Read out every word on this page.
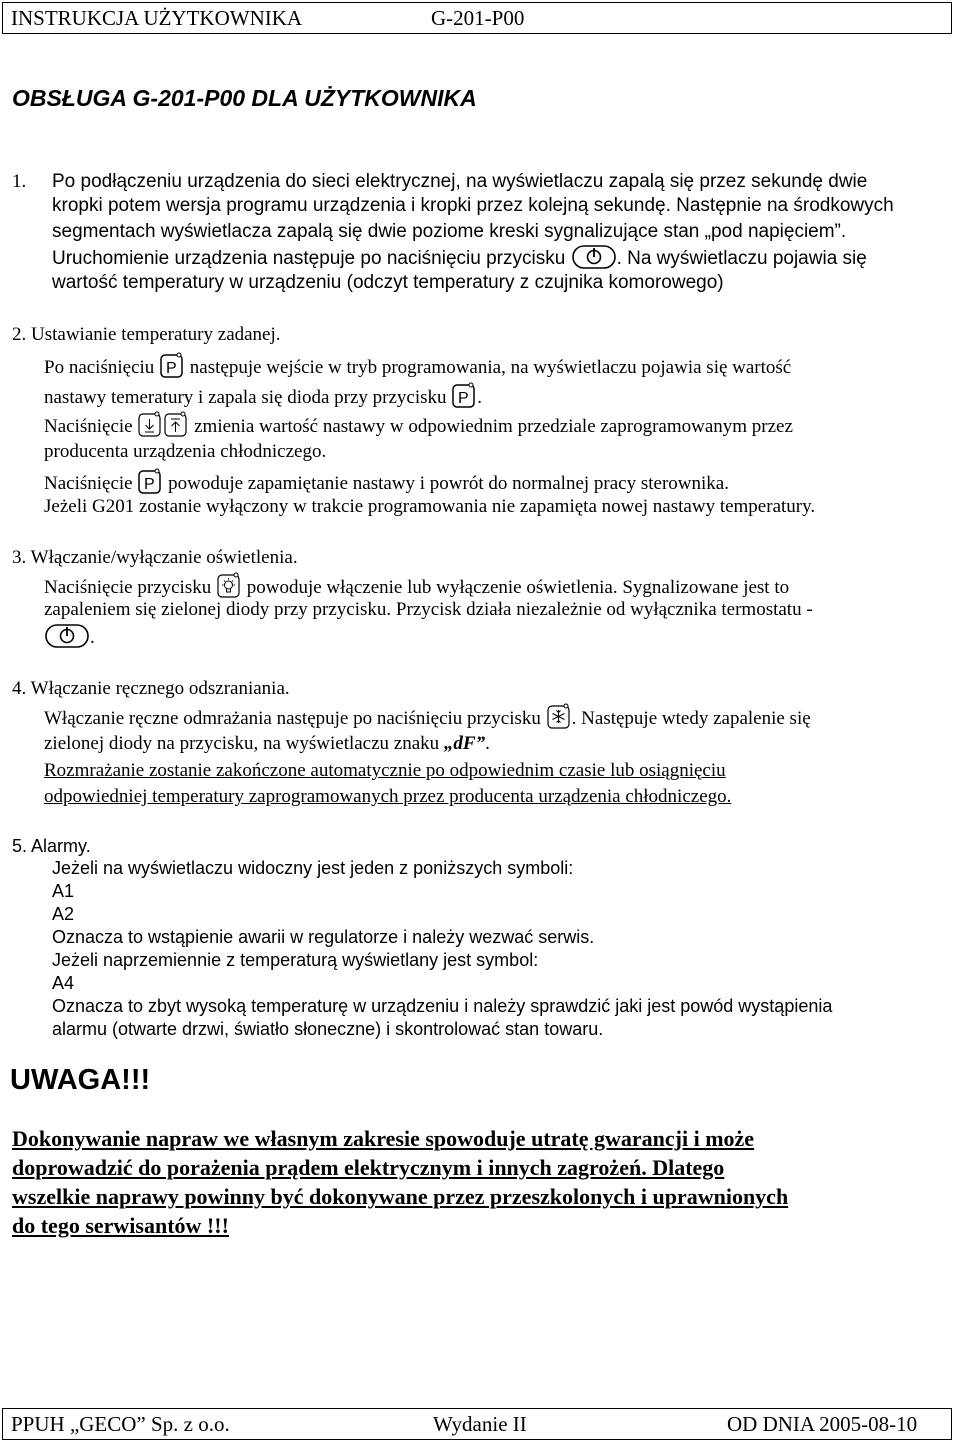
INSTRUKCJA UŻYTKOWNIKA	G-201-P00
OBSŁUGA G-201-P00 DLA UŻYTKOWNIKA
1. Po podłączeniu urządzenia do sieci elektrycznej, na wyświetlaczu zapalą się przez sekundę dwie
kropki potem wersja programu urządzenia i kropki przez kolejną sekundę. Następnie na środkowych
segmentach wyświetlacza zapalą się dwie poziome kreski sygnalizujące stan „pod napięciem”.
Uruchomienie urządzenia następuje po naciśnięciu przycisku	. Na wyświetlaczu pojawia się
wartość temperatury w urządzeniu (odczyt temperatury z czujnika komorowego)
2. Ustawianie temperatury zadanej.
Po naciśnięciu P następuje wejście w tryb programowania, na wyświetlaczu pojawia się wartość
nastawy temeratury i zapala się dioda przy przycisku P .
Naciśnięcie	zmienia wartość nastawy w odpowiednim przedziale zaprogramowanym przez
producenta urządzenia chłodniczego.
Naciśnięcie P powoduje zapamiętanie nastawy i powrót do normalnej pracy sterownika.
Jeżeli G201 zostanie wyłączony w trakcie programowania nie zapamięta nowej nastawy temperatury.
3. Włączanie/wyłączanie oświetlenia.
Naciśnięcie przycisku powoduje włączenie lub wyłączenie oświetlenia. Sygnalizowane jest to
zapaleniem się zielonej diody przy przycisku. Przycisk działa niezależnie od wyłącznika termostatu -
.
4. Włączanie ręcznego odszraniania.
Włączanie ręczne odmrażania następuje po naciśnięciu przycisku . Następuje wtedy zapalenie się
zielonej diody na przycisku, na wyświetlaczu znaku „dF”.
Rozmrażanie zostanie zakończone automatycznie po odpowiednim czasie lub osiągnięciu
odpowiedniej temperatury zaprogramowanych przez producenta urządzenia chłodniczego.
5. Alarmy.
Jeżeli na wyświetlaczu widoczny jest jeden z poniższych symboli:
A1
A2
Oznacza to wstąpienie awarii w regulatorze i należy wezwać serwis.
Jeżeli naprzemiennie z temperaturą wyświetlany jest symbol:
A4
Oznacza to zbyt wysoką temperaturę w urządzeniu i należy sprawdzić jaki jest powód wystąpienia
alarmu (otwarte drzwi, światło słoneczne) i skontrolować stan towaru.
UWAGA!!!
Dokonywanie napraw we własnym zakresie spowoduje utratę gwarancji i może
doprowadzić do porażenia prądem elektrycznym i innych zagrożeń. Dlatego
wszelkie naprawy powinny być dokonywane przez przeszkolonych i uprawnionych
do tego serwisantów !!!
PPUH „GECO” Sp. z o.o.	Wydanie II	OD DNIA 2005-08-10
